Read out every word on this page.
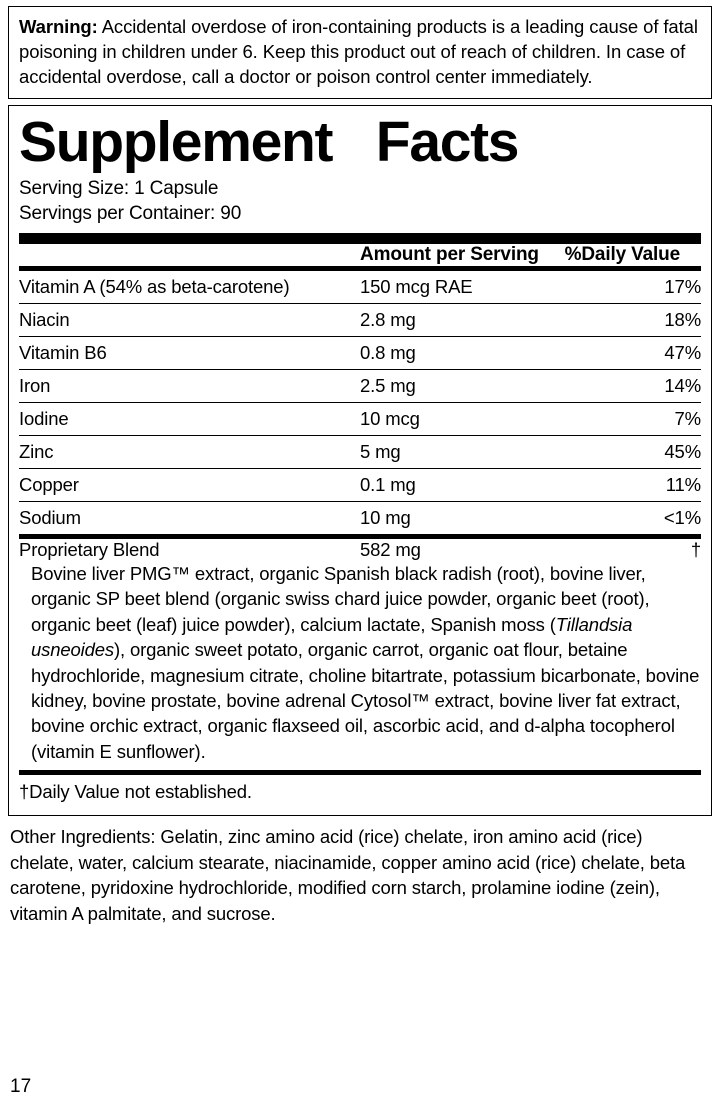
Warning: Accidental overdose of iron-containing products is a leading cause of fatal poisoning in children under 6. Keep this product out of reach of children. In case of accidental overdose, call a doctor or poison control center immediately.
Supplement   Facts
Serving Size: 1 Capsule
Servings per Container: 90
	Amount per Serving	%Daily Value
Vitamin A (54% as beta-carotene)	150 mcg RAE	17%
Niacin	2.8 mg	18%
Vitamin B6	0.8 mg	47%
Iron	2.5 mg	14%
Iodine	10 mcg	7%
Zinc	5 mg	45%
Copper	0.1 mg	11%
Sodium	10 mg	<1%
Proprietary Blend	582 mg	†
Bovine liver PMG™ extract, organic Spanish black radish (root), bovine liver, organic SP beet blend (organic swiss chard juice powder, organic beet (root), organic beet (leaf) juice powder), calcium lactate, Spanish moss (Tillandsia usneoides), organic sweet potato, organic carrot, organic oat flour, betaine hydrochloride, magnesium citrate, choline bitartrate, potassium bicarbonate, bovine kidney, bovine prostate, bovine adrenal Cytosol™ extract, bovine liver fat extract, bovine orchic extract, organic flaxseed oil, ascorbic acid, and d-alpha tocopherol (vitamin E sunflower).
†Daily Value not established.
Other Ingredients: Gelatin, zinc amino acid (rice) chelate, iron amino acid (rice) chelate, water, calcium stearate, niacinamide, copper amino acid (rice) chelate, beta carotene, pyridoxine hydrochloride, modified corn starch, prolamine iodine (zein), vitamin A palmitate, and sucrose.
17
